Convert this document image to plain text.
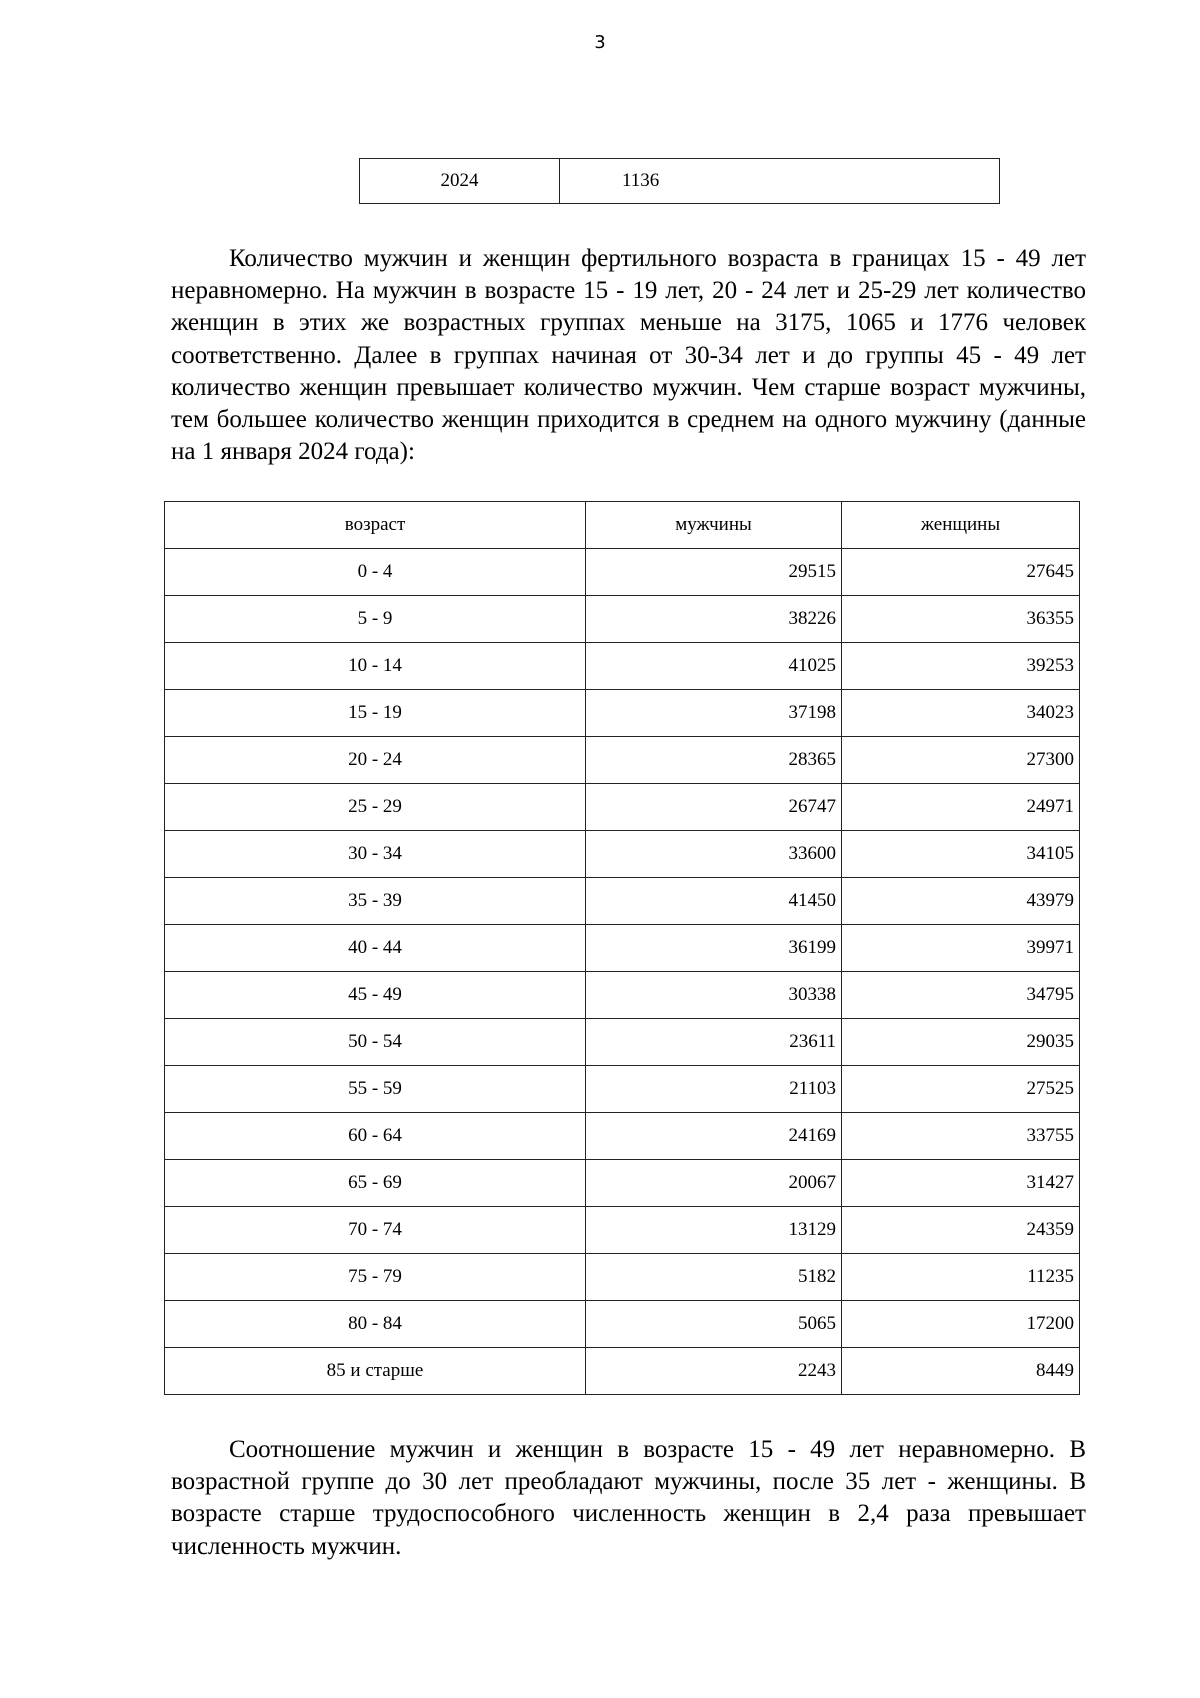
3
2024	1136

Количество мужчин и женщин фертильного возраста в границах 15 - 49 лет неравномерно. На мужчин в возрасте 15 - 19 лет, 20 - 24 лет и 25-29 лет количество женщин в этих же возрастных группах меньше на 3175, 1065 и 1776 человек соответственно. Далее в группах начиная от 30-34 лет и до группы 45 - 49 лет количество женщин превышает количество мужчин. Чем старше возраст мужчины, тем большее количество женщин приходится в среднем на одного мужчину (данные на 1 января 2024 года):

возраст	мужчины	женщины
0 - 4	29515	27645
5 - 9	38226	36355
10 - 14	41025	39253
15 - 19	37198	34023
20 - 24	28365	27300
25 - 29	26747	24971
30 - 34	33600	34105
35 - 39	41450	43979
40 - 44	36199	39971
45 - 49	30338	34795
50 - 54	23611	29035
55 - 59	21103	27525
60 - 64	24169	33755
65 - 69	20067	31427
70 - 74	13129	24359
75 - 79	5182	11235
80 - 84	5065	17200
85 и старше	2243	8449

Соотношение мужчин и женщин в возрасте 15 - 49 лет неравномерно. В возрастной группе до 30 лет преобладают мужчины, после 35 лет - женщины. В возрасте старше трудоспособного численность женщин в 2,4 раза превышает численность мужчин.
